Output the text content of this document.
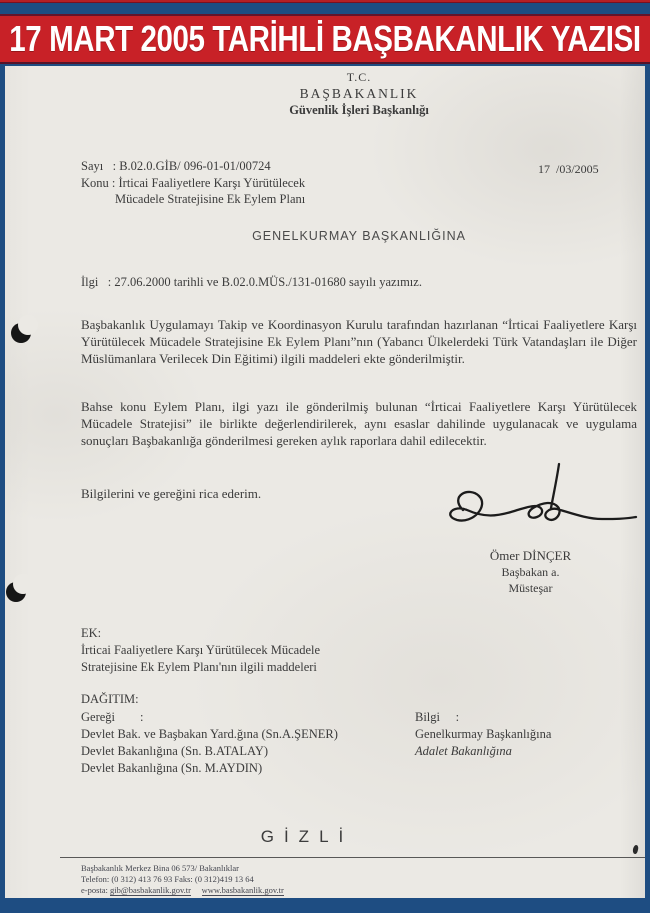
17 MART 2005 TARİHLİ BAŞBAKANLIK YAZISI
T.C.
BAŞBAKANLIK
Güvenlik İşleri Başkanlığı
Sayı   : B.02.0.GİB/ 096-01-01/00724
Konu : İrticai Faaliyetlere Karşı Yürütülecek
Mücadele Stratejisine Ek Eylem Planı
17  /03/2005
GENELKURMAY BAŞKANLIĞINA
İlgi   : 27.06.2000 tarihli ve B.02.0.MÜS./131-01680 sayılı yazımız.
Başbakanlık Uygulamayı Takip ve Koordinasyon Kurulu tarafından hazırlanan “İrticai Faaliyetlere Karşı Yürütülecek Mücadele Stratejisine Ek Eylem Planı”nın (Yabancı Ülkelerdeki Türk Vatandaşları ile Diğer Müslümanlara Verilecek Din Eğitimi) ilgili maddeleri ekte gönderilmiştir.
Bahse konu Eylem Planı, ilgi yazı ile gönderilmiş bulunan “İrticai Faaliyetlere Karşı Yürütülecek Mücadele Stratejisi” ile birlikte değerlendirilerek, aynı esaslar dahilinde uygulanacak ve uygulama sonuçları Başbakanlığa gönderilmesi gereken aylık raporlara dahil edilecektir.
Bilgilerini ve gereğini rica ederim.
Ömer DİNÇER
Başbakan a.
Müsteşar
EK:
İrticai Faaliyetlere Karşı Yürütülecek Mücadele
Stratejisine Ek Eylem Planı'nın ilgili maddeleri
DAĞITIM:
Gereği        :
Devlet Bak. ve Başbakan Yard.ğına (Sn.A.ŞENER)
Devlet Bakanlığına (Sn. B.ATALAY)
Devlet Bakanlığına (Sn. M.AYDIN)
Bilgi     :
Genelkurmay Başkanlığına
Adalet Bakanlığına
GİZLİ
Başbakanlık Merkez Bina 06 573/ Bakanlıklar
Telefon: (0 312) 413 76 93 Faks: (0 312)419 13 64
e-posta: gib@basbakanlik.gov.tr www.basbakanlik.gov.tr
